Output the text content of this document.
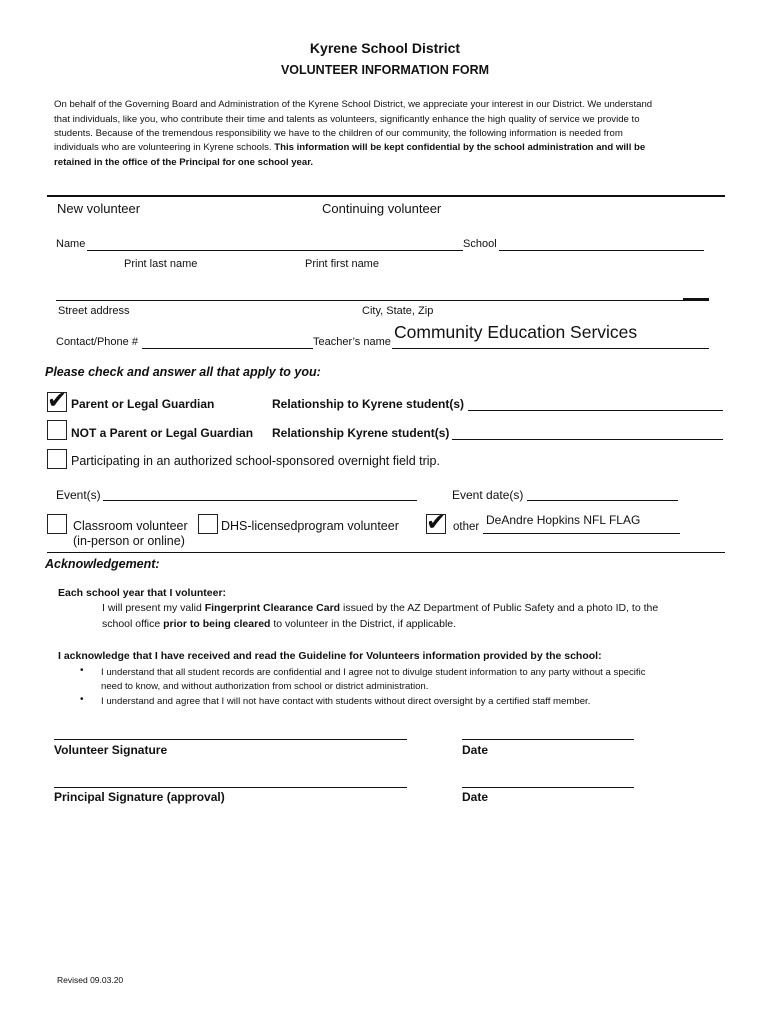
Kyrene School District
VOLUNTEER INFORMATION FORM
On behalf of the Governing Board and Administration of the Kyrene School District, we appreciate your interest in our District. We understand
that individuals, like you, who contribute their time and talents as volunteers, significantly enhance the high quality of service we provide to
students. Because of the tremendous responsibility we have to the children of our community, the following information is needed from
individuals who are volunteering in Kyrene schools. This information will be kept confidential by the school administration and will be
retained in the office of the Principal for one school year.
New volunteer	Continuing volunteer
Name	School
Print last name	Print first name
Street address	City, State, Zip
Contact/Phone #	Teacher’s name Community Education Services
Please check and answer all that apply to you:
✔ Parent or Legal Guardian	Relationship to Kyrene student(s)
NOT a Parent or Legal Guardian Relationship Kyrene student(s)
Participating in an authorized school-sponsored overnight field trip.
Event(s)	Event date(s)
Classroom volunteer
(in-person or online)
DHS-licensedprogram volunteer ✔ other DeAndre Hopkins NFL FLAG
Acknowledgement:
Each school year that I volunteer:
I will present my valid Fingerprint Clearance Card issued by the AZ Department of Public Safety and a photo ID, to the
school office prior to being cleared to volunteer in the District, if applicable.
I acknowledge that I have received and read the Guideline for Volunteers information provided by the school:
• I understand that all student records are confidential and I agree not to divulge student information to any party without a specific
need to know, and without authorization from school or district administration.
• I understand and agree that I will not have contact with students without direct oversight by a certified staff member.
Volunteer Signature	Date
Principal Signature (approval)	Date
Revised 09.03.20
